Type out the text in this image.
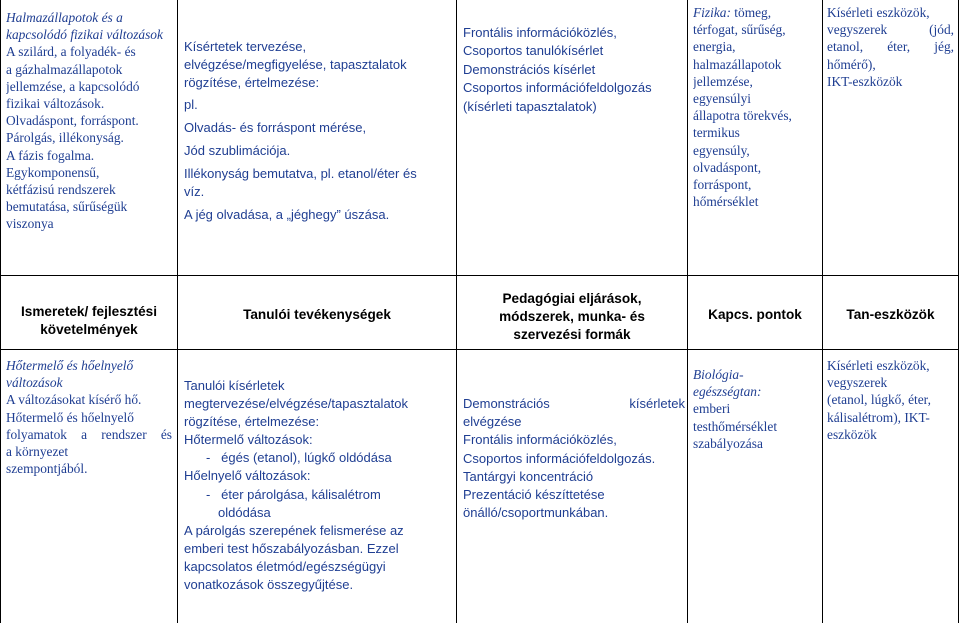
Halmazállapotok és a kapcsolódó fizikai változások

A szilárd, a folyadék- és

a gázhalmazállapotok

jellemzése, a kapcsolódó

fizikai változások.

Olvadáspont, forráspont.

Párolgás, illékonyság.

A fázis fogalma.

Egykomponensű,

kétfázisú rendszerek

bemutatása, sűrűségük

viszonya

Kísértetek tervezése,

elvégzése/megfigyelése, tapasztalatok

rögzítése, értelmezése:

pl.

Olvadás- és forráspont mérése,

Jód szublimációja.

Illékonyság bemutatva, pl. etanol/éter és

víz.

A jég olvadása, a „jéghegy” úszása.

Frontális információközlés,

Csoportos tanulókísérlet

Demonstrációs kísérlet

Csoportos információfeldolgozás

(kísérleti tapasztalatok)

Fizika: tömeg,

térfogat, sűrűség,

energia,

halmazállapotok

jellemzése,

egyensúlyi

állapotra törekvés,

termikus

egyensúly,

olvadáspont,

forráspont,

hőmérséklet

Kísérleti eszközök,

vegyszerek (jód,

etanol, éter, jég,

hőmérő),

IKT-eszközök

Ismeretek/ fejlesztési

követelmények

Tanulói tevékenységek

Pedagógiai eljárások,

módszerek, munka- és

szervezési formák

Kapcs. pontok	Tan-eszközök

Hőtermelő és hőelnyelő

változások

A változásokat kísérő hő.

Hőtermelő és hőelnyelő

folyamatok a rendszer és

a környezet

szempontjából.

Tanulói kísérletek

megtervezése/elvégzése/tapasztalatok

rögzítése, értelmezése:

Hőtermelő változások:

-   égés (etanol), lúgkő oldódása

Hőelnyelő változások:

-   éter párolgása, kálisalétrom

oldódása

A párolgás szerepének felismerése az

emberi test hőszabályozásban. Ezzel

kapcsolatos életmód/egészségügyi

vonatkozások összegyűjtése.

Demonstrációs kísérletek

elvégzése

Frontális információközlés,

Csoportos információfeldolgozás.

Tantárgyi koncentráció

Prezentáció készíttetése

önálló/csoportmunkában.

Biológia-

egészségtan:

emberi

testhőmérséklet

szabályozása

Kísérleti eszközök,

vegyszerek

(etanol, lúgkő, éter,

kálisalétrom), IKT-

eszközök
